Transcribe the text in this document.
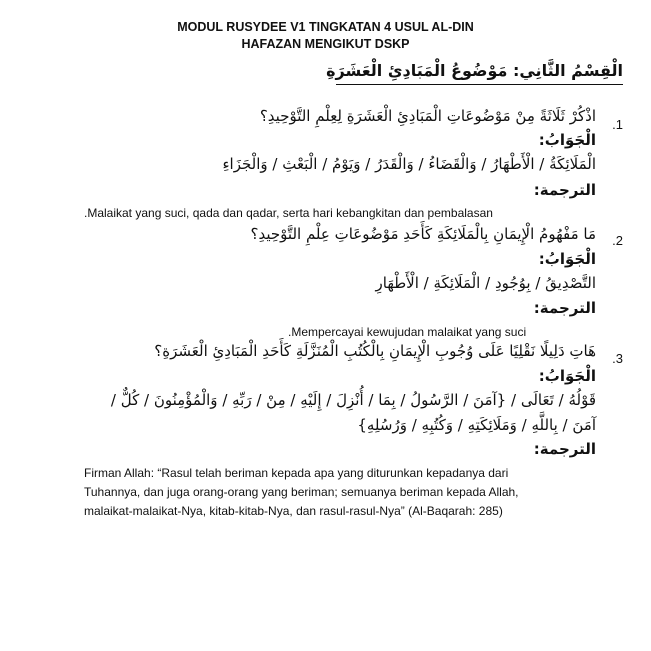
MODUL RUSYDEE V1 TINGKATAN 4 USUL AL-DIN
HAFAZAN MENGIKUT DSKP
الْقِسْمُ الثَّانِي: مَوْضُوعُ الْمَبَادِئِ الْعَشَرَةِ
.1
اذْكُرْ ثَلَاثَةً مِنْ مَوْضُوعَاتِ الْمَبَادِئِ الْعَشَرَةِ لِعِلْمِ التَّوْحِيدِ؟
الْجَوَابُ:
الْمَلَائِكَةُ / الْأَطْهَارُ / وَالْقَضَاءُ / وَالْقَدَرُ / وَيَوْمُ / الْبَعْثِ / وَالْجَزَاءِ
الترجمة:
.Malaikat yang suci, qada dan qadar, serta hari kebangkitan dan pembalasan
.2
مَا مَفْهُومُ الْإِيمَانِ بِالْمَلَائِكَةِ كَأَحَدِ مَوْضُوعَاتِ عِلْمِ التَّوْحِيدِ؟
الْجَوَابُ:
التَّصْدِيقُ / بِوُجُودِ / الْمَلَائِكَةِ / الْأَطْهَارِ
الترجمة:
.Mempercayai kewujudan malaikat yang suci
.3
هَاتِ دَلِيلًا نَقْلِيًا عَلَى وُجُوبِ الْإِيمَانِ بِالْكُتُبِ الْمُنَزَّلَةِ كَأَحَدِ الْمَبَادِئِ الْعَشَرَةِ؟
الْجَوَابُ:
قَوْلُهُ / تَعَالَى / {آمَنَ / الرَّسُولُ / بِمَا / أُنْزِلَ / إِلَيْهِ / مِنْ / رَبِّهِ / وَالْمُؤْمِنُونَ / كُلٌّ /
آمَنَ / بِاللَّهِ / وَمَلَائِكَتِهِ / وَكُتُبِهِ / وَرُسُلِهِ}
الترجمة:
Firman Allah: “Rasul telah beriman kepada apa yang diturunkan kepadanya dari
Tuhannya, dan juga orang-orang yang beriman; semuanya beriman kepada Allah,
malaikat-malaikat-Nya, kitab-kitab-Nya, dan rasul-rasul-Nya” (Al-Baqarah: 285)
